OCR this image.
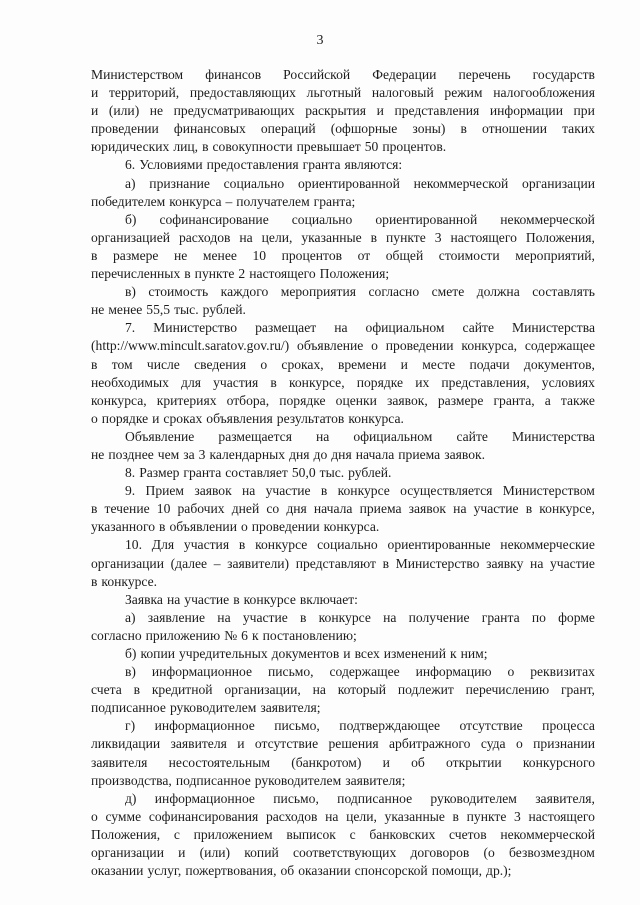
3
Министерством финансов Российской Федерации перечень государств
и территорий, предоставляющих льготный налоговый режим налогообложения
и (или) не предусматривающих раскрытия и представления информации при
проведении финансовых операций (офшорные зоны) в отношении таких
юридических лиц, в совокупности превышает 50 процентов.
6. Условиями предоставления гранта являются:
а) признание социально ориентированной некоммерческой организации
победителем конкурса – получателем гранта;
б) софинансирование социально ориентированной некоммерческой
организацией расходов на цели, указанные в пункте 3 настоящего Положения,
в размере не менее 10 процентов от общей стоимости мероприятий,
перечисленных в пункте 2 настоящего Положения;
в) стоимость каждого мероприятия согласно смете должна составлять
не менее 55,5 тыс. рублей.
7. Министерство размещает на официальном сайте Министерства
(http://www.mincult.saratov.gov.ru/) объявление о проведении конкурса, содержащее
в том числе сведения о сроках, времени и месте подачи документов,
необходимых для участия в конкурсе, порядке их представления, условиях
конкурса, критериях отбора, порядке оценки заявок, размере гранта, а также
о порядке и сроках объявления результатов конкурса.
Объявление размещается на официальном сайте Министерства
не позднее чем за 3 календарных дня до дня начала приема заявок.
8. Размер гранта составляет 50,0 тыс. рублей.
9. Прием заявок на участие в конкурсе осуществляется Министерством
в течение 10 рабочих дней со дня начала приема заявок на участие в конкурсе,
указанного в объявлении о проведении конкурса.
10. Для участия в конкурсе социально ориентированные некоммерческие
организации (далее – заявители) представляют в Министерство заявку на участие
в конкурсе.
Заявка на участие в конкурсе включает:
а) заявление на участие в конкурсе на получение гранта по форме
согласно приложению № 6 к постановлению;
б) копии учредительных документов и всех изменений к ним;
в) информационное письмо, содержащее информацию о реквизитах
счета в кредитной организации, на который подлежит перечислению грант,
подписанное руководителем заявителя;
г) информационное письмо, подтверждающее отсутствие процесса
ликвидации заявителя и отсутствие решения арбитражного суда о признании
заявителя несостоятельным (банкротом) и об открытии конкурсного
производства, подписанное руководителем заявителя;
д) информационное письмо, подписанное руководителем заявителя,
о сумме софинансирования расходов на цели, указанные в пункте 3 настоящего
Положения, с приложением выписок с банковских счетов некоммерческой
организации и (или) копий соответствующих договоров (о безвозмездном
оказании услуг, пожертвования, об оказании спонсорской помощи, др.);
